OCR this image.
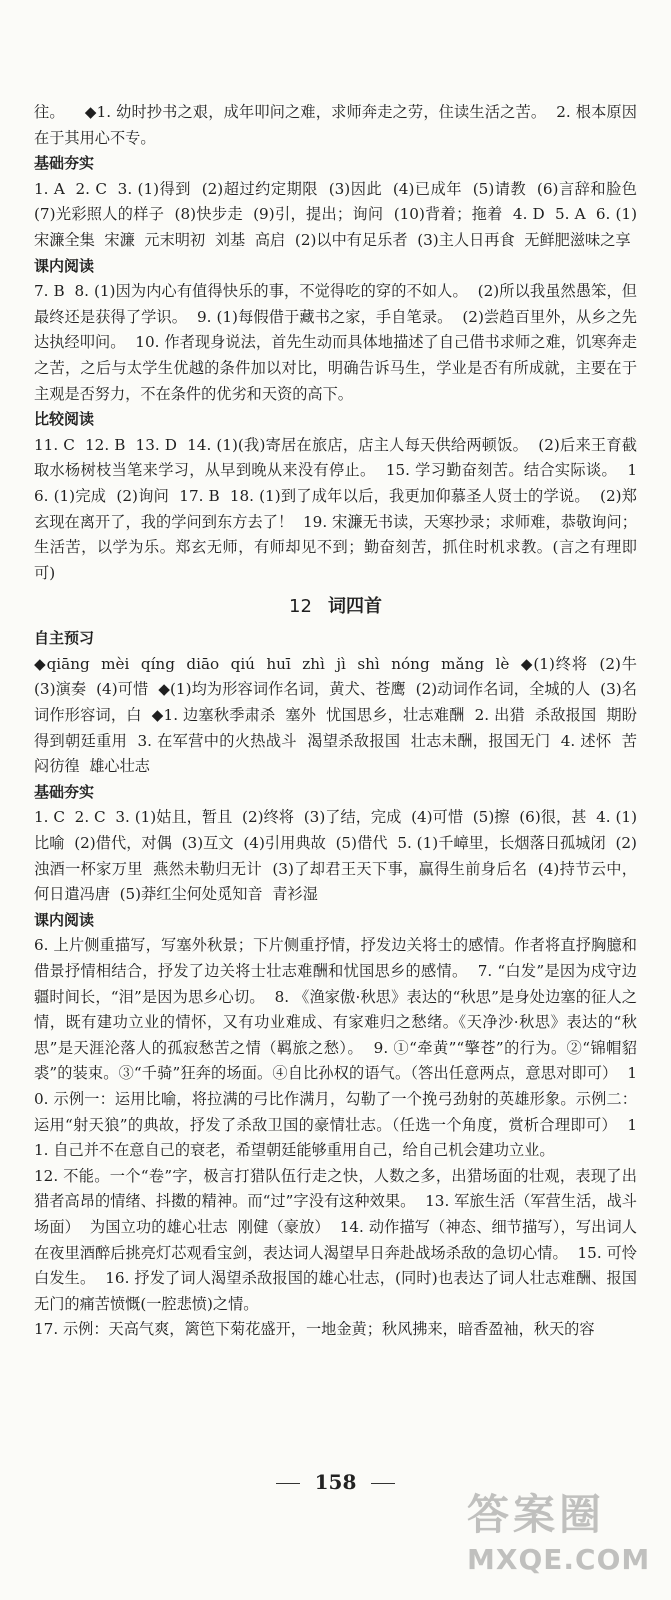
往。    ◆1. 幼时抄书之艰，成年叩问之难，求师奔走之劳，住读生活之苦。  2. 根本原因在于其用心不专。

基础夯实

1. A  2. C  3. (1)得到  (2)超过约定期限  (3)因此  (4)已成年  (5)请教  (6)言辞和脸色  (7)光彩照人的样子  (8)快步走  (9)引，提出；询问  (10)背着；拖着  4. D  5. A  6. (1)宋濂全集  宋濂  元末明初  刘基  高启  (2)以中有足乐者  (3)主人日再食  无鲜肥滋味之享

课内阅读

7. B  8. (1)因为内心有值得快乐的事，不觉得吃的穿的不如人。  (2)所以我虽然愚笨，但最终还是获得了学识。  9. (1)每假借于藏书之家，手自笔录。  (2)尝趋百里外，从乡之先达执经叩问。  10. 作者现身说法，首先生动而具体地描述了自己借书求师之难，饥寒奔走之苦，之后与太学生优越的条件加以对比，明确告诉马生，学业是否有所成就，主要在于主观是否努力，不在条件的优劣和天资的高下。

比较阅读

11. C  12. B  13. D  14. (1)(我)寄居在旅店，店主人每天供给两顿饭。  (2)后来王育截取水杨树枝当笔来学习，从早到晚从来没有停止。  15. 学习勤奋刻苦。结合实际谈。  16. (1)完成  (2)询问  17. B  18. (1)到了成年以后，我更加仰慕圣人贤士的学说。  (2)郑玄现在离开了，我的学问到东方去了！  19. 宋濂无书读，天寒抄录；求师难，恭敬询问；生活苦，以学为乐。郑玄无师，有师却见不到；勤奋刻苦，抓住时机求教。(言之有理即可)

12 词四首
自主预习

◆qiāng  mèi  qíng  diāo  qiú  huī  zhì  jì  shì  nóng  mǎng  lè  ◆(1)终将  (2)牛  (3)演奏  (4)可惜  ◆(1)均为形容词作名词，黄犬、苍鹰  (2)动词作名词，全城的人  (3)名词作形容词，白  ◆1. 边塞秋季肃杀  塞外  忧国思乡，壮志难酬  2. 出猎  杀敌报国  期盼得到朝廷重用  3. 在军营中的火热战斗  渴望杀敌报国  壮志未酬，报国无门  4. 述怀  苦闷彷徨  雄心壮志

基础夯实

1. C  2. C  3. (1)姑且，暂且  (2)终将  (3)了结，完成  (4)可惜  (5)擦  (6)很，甚  4. (1)比喻  (2)借代，对偶  (3)互文  (4)引用典故  (5)借代  5. (1)千嶂里，长烟落日孤城闭  (2)浊酒一杯家万里  燕然未勒归无计  (3)了却君王天下事，赢得生前身后名  (4)持节云中，何日遣冯唐  (5)莽红尘何处觅知音  青衫湿

课内阅读

6. 上片侧重描写，写塞外秋景；下片侧重抒情，抒发边关将士的感情。作者将直抒胸臆和借景抒情相结合，抒发了边关将士壮志难酬和忧国思乡的感情。  7. “白发”是因为戍守边疆时间长，“泪”是因为思乡心切。  8. 《渔家傲·秋思》表达的“秋思”是身处边塞的征人之情，既有建功立业的情怀，又有功业难成、有家难归之愁绪。《天净沙·秋思》表达的“秋思”是天涯沦落人的孤寂愁苦之情（羁旅之愁）。  9. ①“牵黄”“擎苍”的行为。②“锦帽貂裘”的装束。③“千骑”狂奔的场面。④自比孙权的语气。（答出任意两点，意思对即可）  10. 示例一：运用比喻，将拉满的弓比作满月，勾勒了一个挽弓劲射的英雄形象。示例二：运用“射天狼”的典故，抒发了杀敌卫国的豪情壮志。（任选一个角度，赏析合理即可）  11. 自己并不在意自己的衰老，希望朝廷能够重用自己，给自己机会建功立业。

12. 不能。一个“卷”字，极言打猎队伍行走之快，人数之多，出猎场面的壮观，表现了出猎者高昂的情绪、抖擞的精神。而“过”字没有这种效果。  13. 军旅生活（军营生活，战斗场面）  为国立功的雄心壮志  刚健（豪放）  14. 动作描写（神态、细节描写），写出词人在夜里酒醉后挑亮灯芯观看宝剑，表达词人渴望早日奔赴战场杀敌的急切心情。  15. 可怜白发生。  16. 抒发了词人渴望杀敌报国的雄心壮志，(同时)也表达了词人壮志难酬、报国无门的痛苦愤慨(一腔悲愤)之情。

17. 示例：天高气爽，篱笆下菊花盛开，一地金黄；秋风拂来，暗香盈袖，秋天的容

158
答案圈
MXQE.COM
